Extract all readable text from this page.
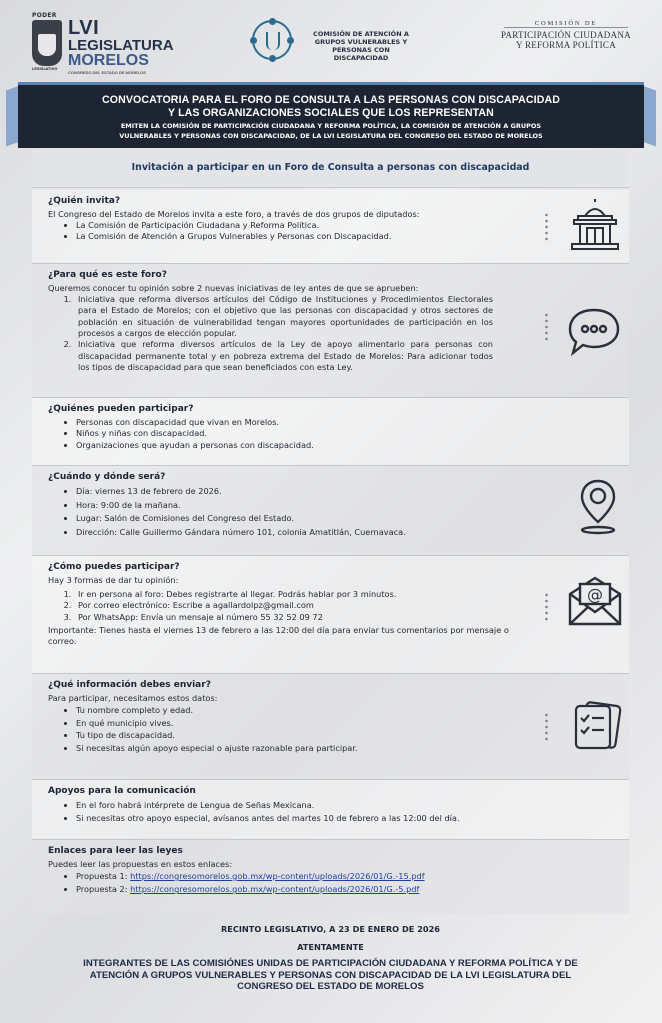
PODER
LEGISLATIVO
LVI
LEGISLATURA
MORELOS
CONGRESO DEL ESTADO DE MORELOS
COMISIÓN DE ATENCIÓN A GRUPOS VULNERABLES Y PERSONAS CON DISCAPACIDAD
COMISIÓN DE
PARTICIPACIÓN CIUDADANA
Y REFORMA POLÍTICA
CONVOCATORIA PARA EL FORO DE CONSULTA A LAS PERSONAS CON DISCAPACIDAD
Y LAS ORGANIZACIONES SOCIALES QUE LOS REPRESENTAN

EMITEN LA COMISIÓN DE PARTICIPACIÓN CIUDADANA Y REFORMA POLÍTICA, LA COMISIÓN DE ATENCIÓN A GRUPOS
VULNERABLES Y PERSONAS CON DISCAPACIDAD, DE LA LVI LEGISLATURA DEL CONGRESO DEL ESTADO DE MORELOS

Invitación a participar en un Foro de Consulta a personas con discapacidad
¿Quién invita?
El Congreso del Estado de Morelos invita a este foro, a través de dos grupos de diputados:
• La Comisión de Participación Ciudadana y Reforma Política.
• La Comisión de Atención a Grupos Vulnerables y Personas con Discapacidad.
¿Para qué es este foro?
Queremos conocer tu opinión sobre 2 nuevas iniciativas de ley antes de que se aprueben:
1. Iniciativa que reforma diversos artículos del Código de Instituciones y Procedimientos Electorales para el Estado de Morelos; con el objetivo que las personas con discapacidad y otros sectores de población en situación de vulnerabilidad tengan mayores oportunidades de participación en los procesos a cargos de elección popular.
2. Iniciativa que reforma diversos artículos de la Ley de apoyo alimentario para personas con discapacidad permanente total y en pobreza extrema del Estado de Morelos: Para adicionar todos los tipos de discapacidad para que sean beneficiados con esta Ley.
¿Quiénes pueden participar?
• Personas con discapacidad que vivan en Morelos.
• Niños y niñas con discapacidad.
• Organizaciones que ayudan a personas con discapacidad.
¿Cuándo y dónde será?
• Día: viernes 13 de febrero de 2026.
• Hora: 9:00 de la mañana.
• Lugar: Salón de Comisiones del Congreso del Estado.
• Dirección: Calle Guillermo Gándara número 101, colonia Amatitlán, Cuernavaca.
¿Cómo puedes participar?
Hay 3 formas de dar tu opinión:
1. Ir en persona al foro: Debes registrarte al llegar. Podrás hablar por 3 minutos.
2. Por correo electrónico: Escribe a agallardolpz@gmail.com
3. Por WhatsApp: Envía un mensaje al número 55 32 52 09 72
Importante: Tienes hasta el viernes 13 de febrero a las 12:00 del día para enviar tus comentarios por mensaje o correo.
@
¿Qué información debes enviar?
Para participar, necesitamos estos datos:
• Tu nombre completo y edad.
• En qué municipio vives.
• Tu tipo de discapacidad.
• Si necesitas algún apoyo especial o ajuste razonable para participar.
Apoyos para la comunicación
• En el foro habrá intérprete de Lengua de Señas Mexicana.
• Si necesitas otro apoyo especial, avísanos antes del martes 10 de febrero a las 12:00 del día.
Enlaces para leer las leyes
Puedes leer las propuestas en estos enlaces:
• Propuesta 1: https://congresomorelos.gob.mx/wp-content/uploads/2026/01/G.-15.pdf
• Propuesta 2: https://congresomorelos.gob.mx/wp-content/uploads/2026/01/G.-5.pdf
RECINTO LEGISLATIVO, A 23 DE ENERO DE 2026
ATENTAMENTE
INTEGRANTES DE LAS COMISIÓNES UNIDAS DE PARTICIPACIÓN CIUDADANA Y REFORMA POLÍTICA Y DE ATENCIÓN A GRUPOS VULNERABLES Y PERSONAS CON DISCAPACIDAD DE LA LVI LEGISLATURA DEL CONGRESO DEL ESTADO DE MORELOS
